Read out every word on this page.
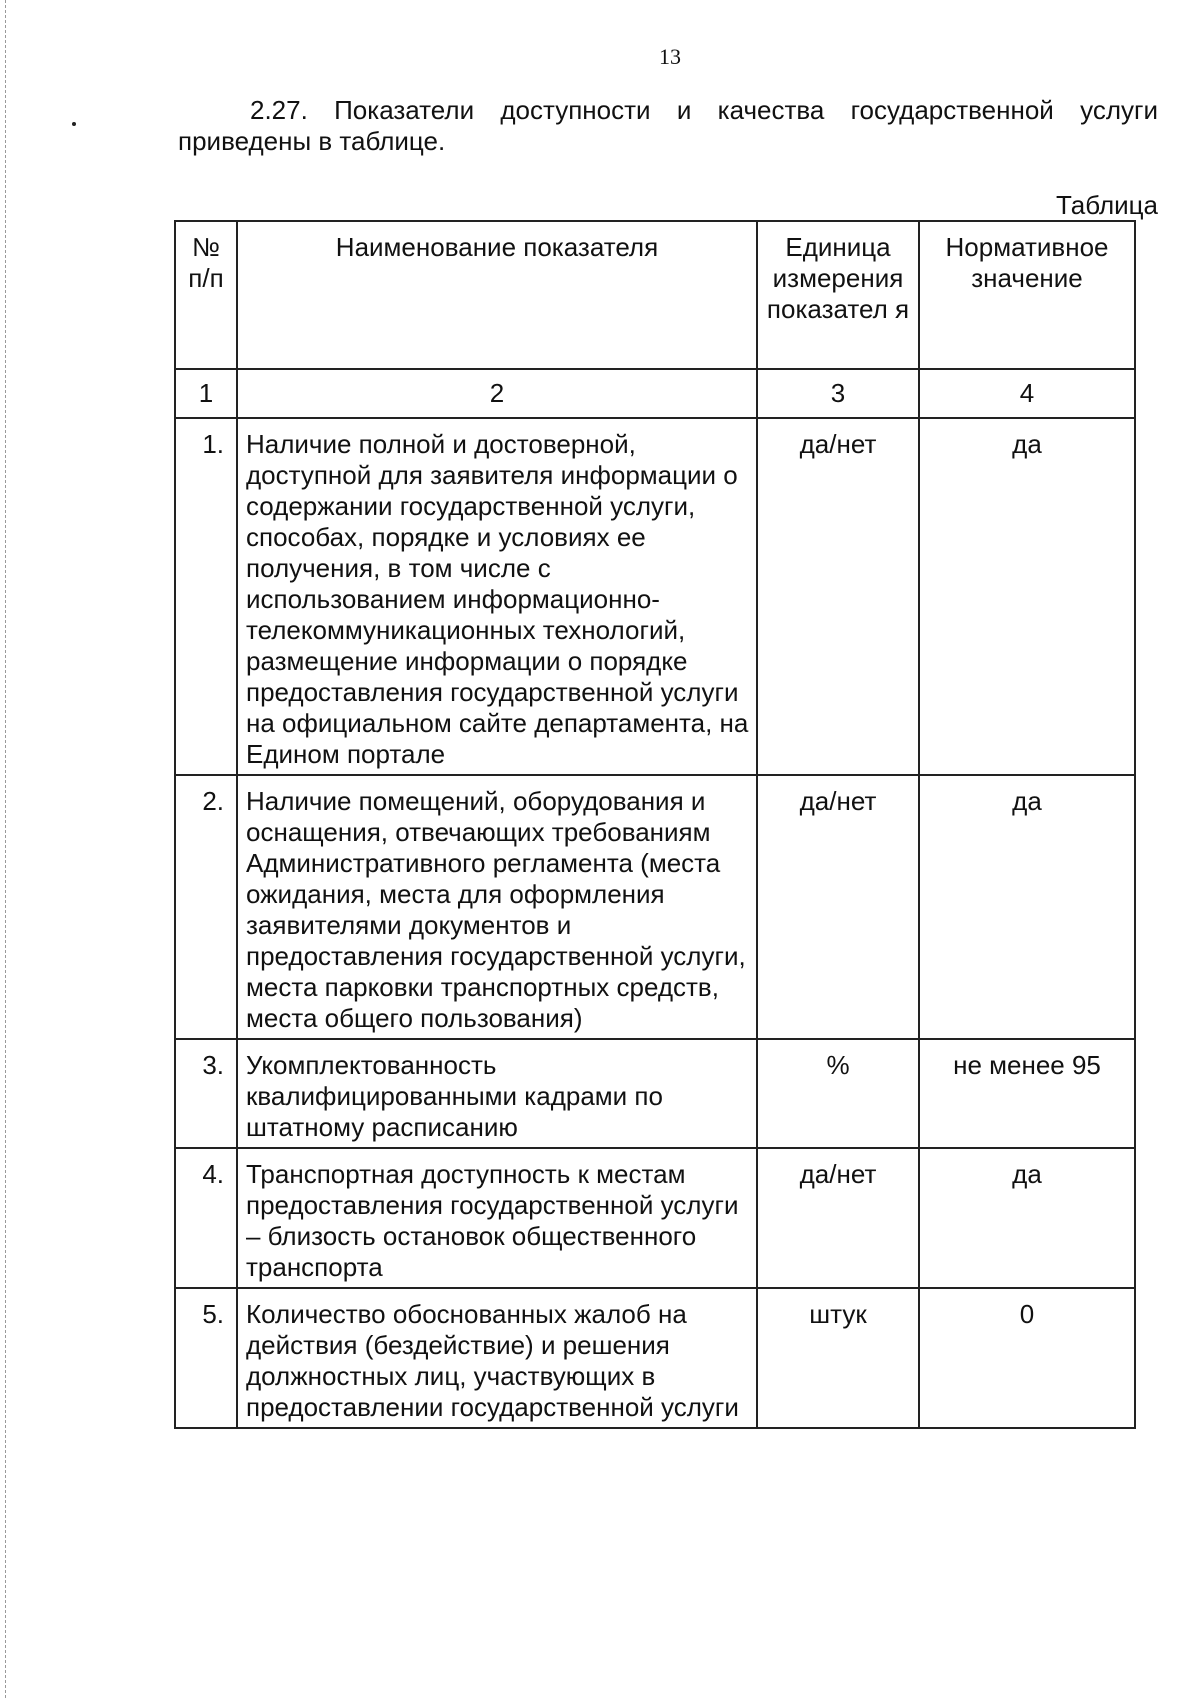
13
2.27. Показатели доступности и качества государственной услуги приведены в таблице.
Таблица
№ п/п	Наименование показателя	Единица измерения показател я	Нормативное значение
1	2	3	4
1.	Наличие полной и достоверной, доступной для заявителя информации о содержании государственной услуги, способах, порядке и условиях ее получения, в том числе с использованием информационно-телекоммуникационных технологий, размещение информации о порядке предоставления государственной услуги на официальном сайте департамента, на Едином портале	да/нет	да
2.	Наличие помещений, оборудования и оснащения, отвечающих требованиям Административного регламента (места ожидания, места для оформления заявителями документов и предоставления государственной услуги, места парковки транспортных средств, места общего пользования)	да/нет	да
3.	Укомплектованность квалифицированными кадрами по штатному расписанию	%	не менее 95
4.	Транспортная доступность к местам предоставления государственной услуги – близость остановок общественного транспорта	да/нет	да
5.	Количество обоснованных жалоб на действия (бездействие) и решения должностных лиц, участвующих в предоставлении государственной услуги	штук	0
